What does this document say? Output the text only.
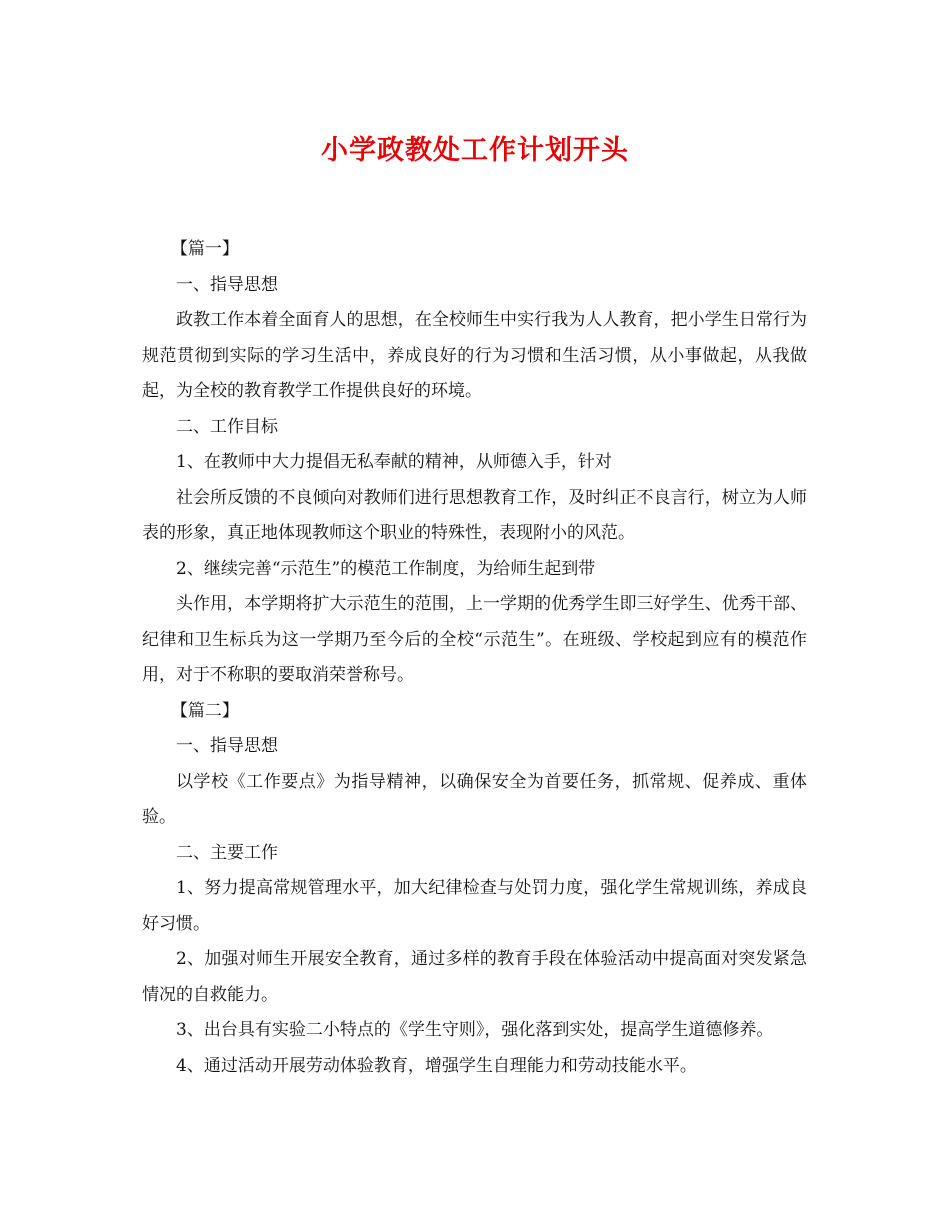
小学政教处工作计划开头

【篇一】

一、指导思想

政教工作本着全面育人的思想，在全校师生中实行我为人人教育，把小学生日常行为规范贯彻到实际的学习生活中，养成良好的行为习惯和生活习惯，从小事做起，从我做起，为全校的教育教学工作提供良好的环境。

二、工作目标

1、在教师中大力提倡无私奉献的精神，从师德入手，针对

社会所反馈的不良倾向对教师们进行思想教育工作，及时纠正不良言行，树立为人师表的形象，真正地体现教师这个职业的特殊性，表现附小的风范。

2、继续完善“示范生”的模范工作制度，为给师生起到带

头作用，本学期将扩大示范生的范围，上一学期的优秀学生即三好学生、优秀干部、纪律和卫生标兵为这一学期乃至今后的全校“示范生”。在班级、学校起到应有的模范作用，对于不称职的要取消荣誉称号。

【篇二】

一、指导思想

以学校《工作要点》为指导精神，以确保安全为首要任务，抓常规、促养成、重体验。

二、主要工作

1、努力提高常规管理水平，加大纪律检查与处罚力度，强化学生常规训练，养成良好习惯。

2、加强对师生开展安全教育，通过多样的教育手段在体验活动中提高面对突发紧急情况的自救能力。

3、出台具有实验二小特点的《学生守则》，强化落到实处，提高学生道德修养。

4、通过活动开展劳动体验教育，增强学生自理能力和劳动技能水平。
